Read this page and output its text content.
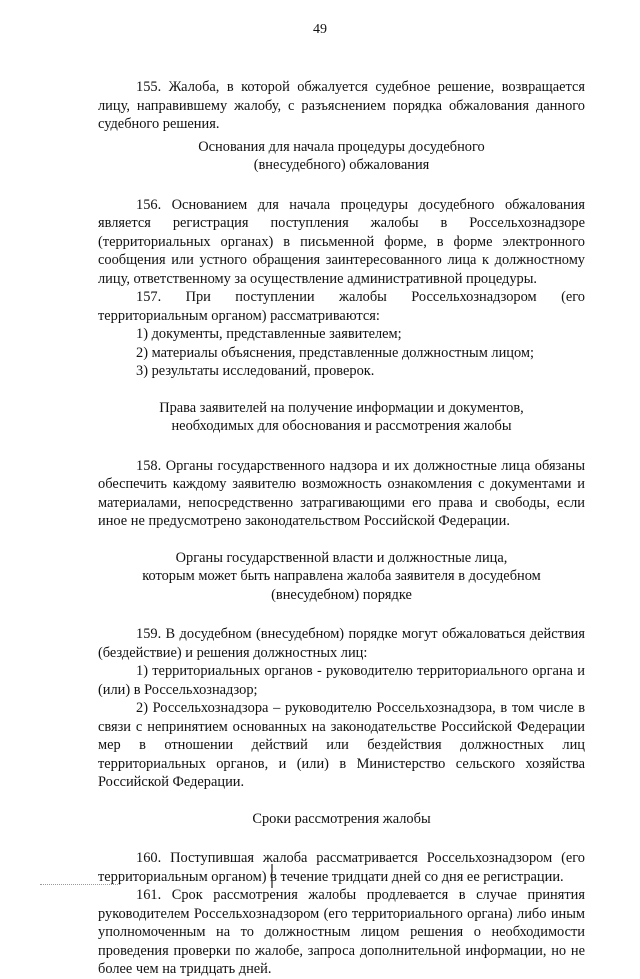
49

155. Жалоба, в которой обжалуется судебное решение, возвращается лицу, направившему жалобу, с разъяснением порядка обжалования данного судебного решения.

Основания для начала процедуры досудебного
(внесудебного) обжалования

156. Основанием для начала процедуры досудебного обжалования является регистрация поступления жалобы в Россельхознадзоре (территориальных органах) в письменной форме, в форме электронного сообщения или устного обращения заинтересованного лица к должностному лицу, ответственному за осуществление административной процедуры.

157. При поступлении жалобы Россельхознадзором (его территориальным органом) рассматриваются:

1) документы, представленные заявителем;

2) материалы объяснения, представленные должностным лицом;

3) результаты исследований, проверок.

Права заявителей на получение информации и документов,
необходимых для обоснования и рассмотрения жалобы

158. Органы государственного надзора и их должностные лица обязаны обеспечить каждому заявителю возможность ознакомления с документами и материалами, непосредственно затрагивающими его права и свободы, если иное не предусмотрено законодательством Российской Федерации.

Органы государственной власти и должностные лица,
которым может быть направлена жалоба заявителя в досудебном
(внесудебном) порядке

159. В досудебном (внесудебном) порядке могут обжаловаться действия (бездействие) и решения должностных лиц:

1) территориальных органов - руководителю территориального органа и (или) в Россельхознадзор;

2) Россельхознадзора – руководителю Россельхознадзора, в том числе в связи с непринятием основанных на законодательстве Российской Федерации мер в отношении действий или бездействия должностных лиц территориальных органов, и (или) в Министерство сельского хозяйства Российской Федерации.

Сроки рассмотрения жалобы

160. Поступившая жалоба рассматривается Россельхознадзором (его территориальным органом) в течение тридцати дней со дня ее регистрации.

161. Срок рассмотрения жалобы продлевается в случае принятия руководителем Россельхознадзором (его территориального органа) либо иным уполномоченным на то должностным лицом решения о необходимости проведения проверки по жалобе, запроса дополнительной информации, но не более чем на тридцать дней.
